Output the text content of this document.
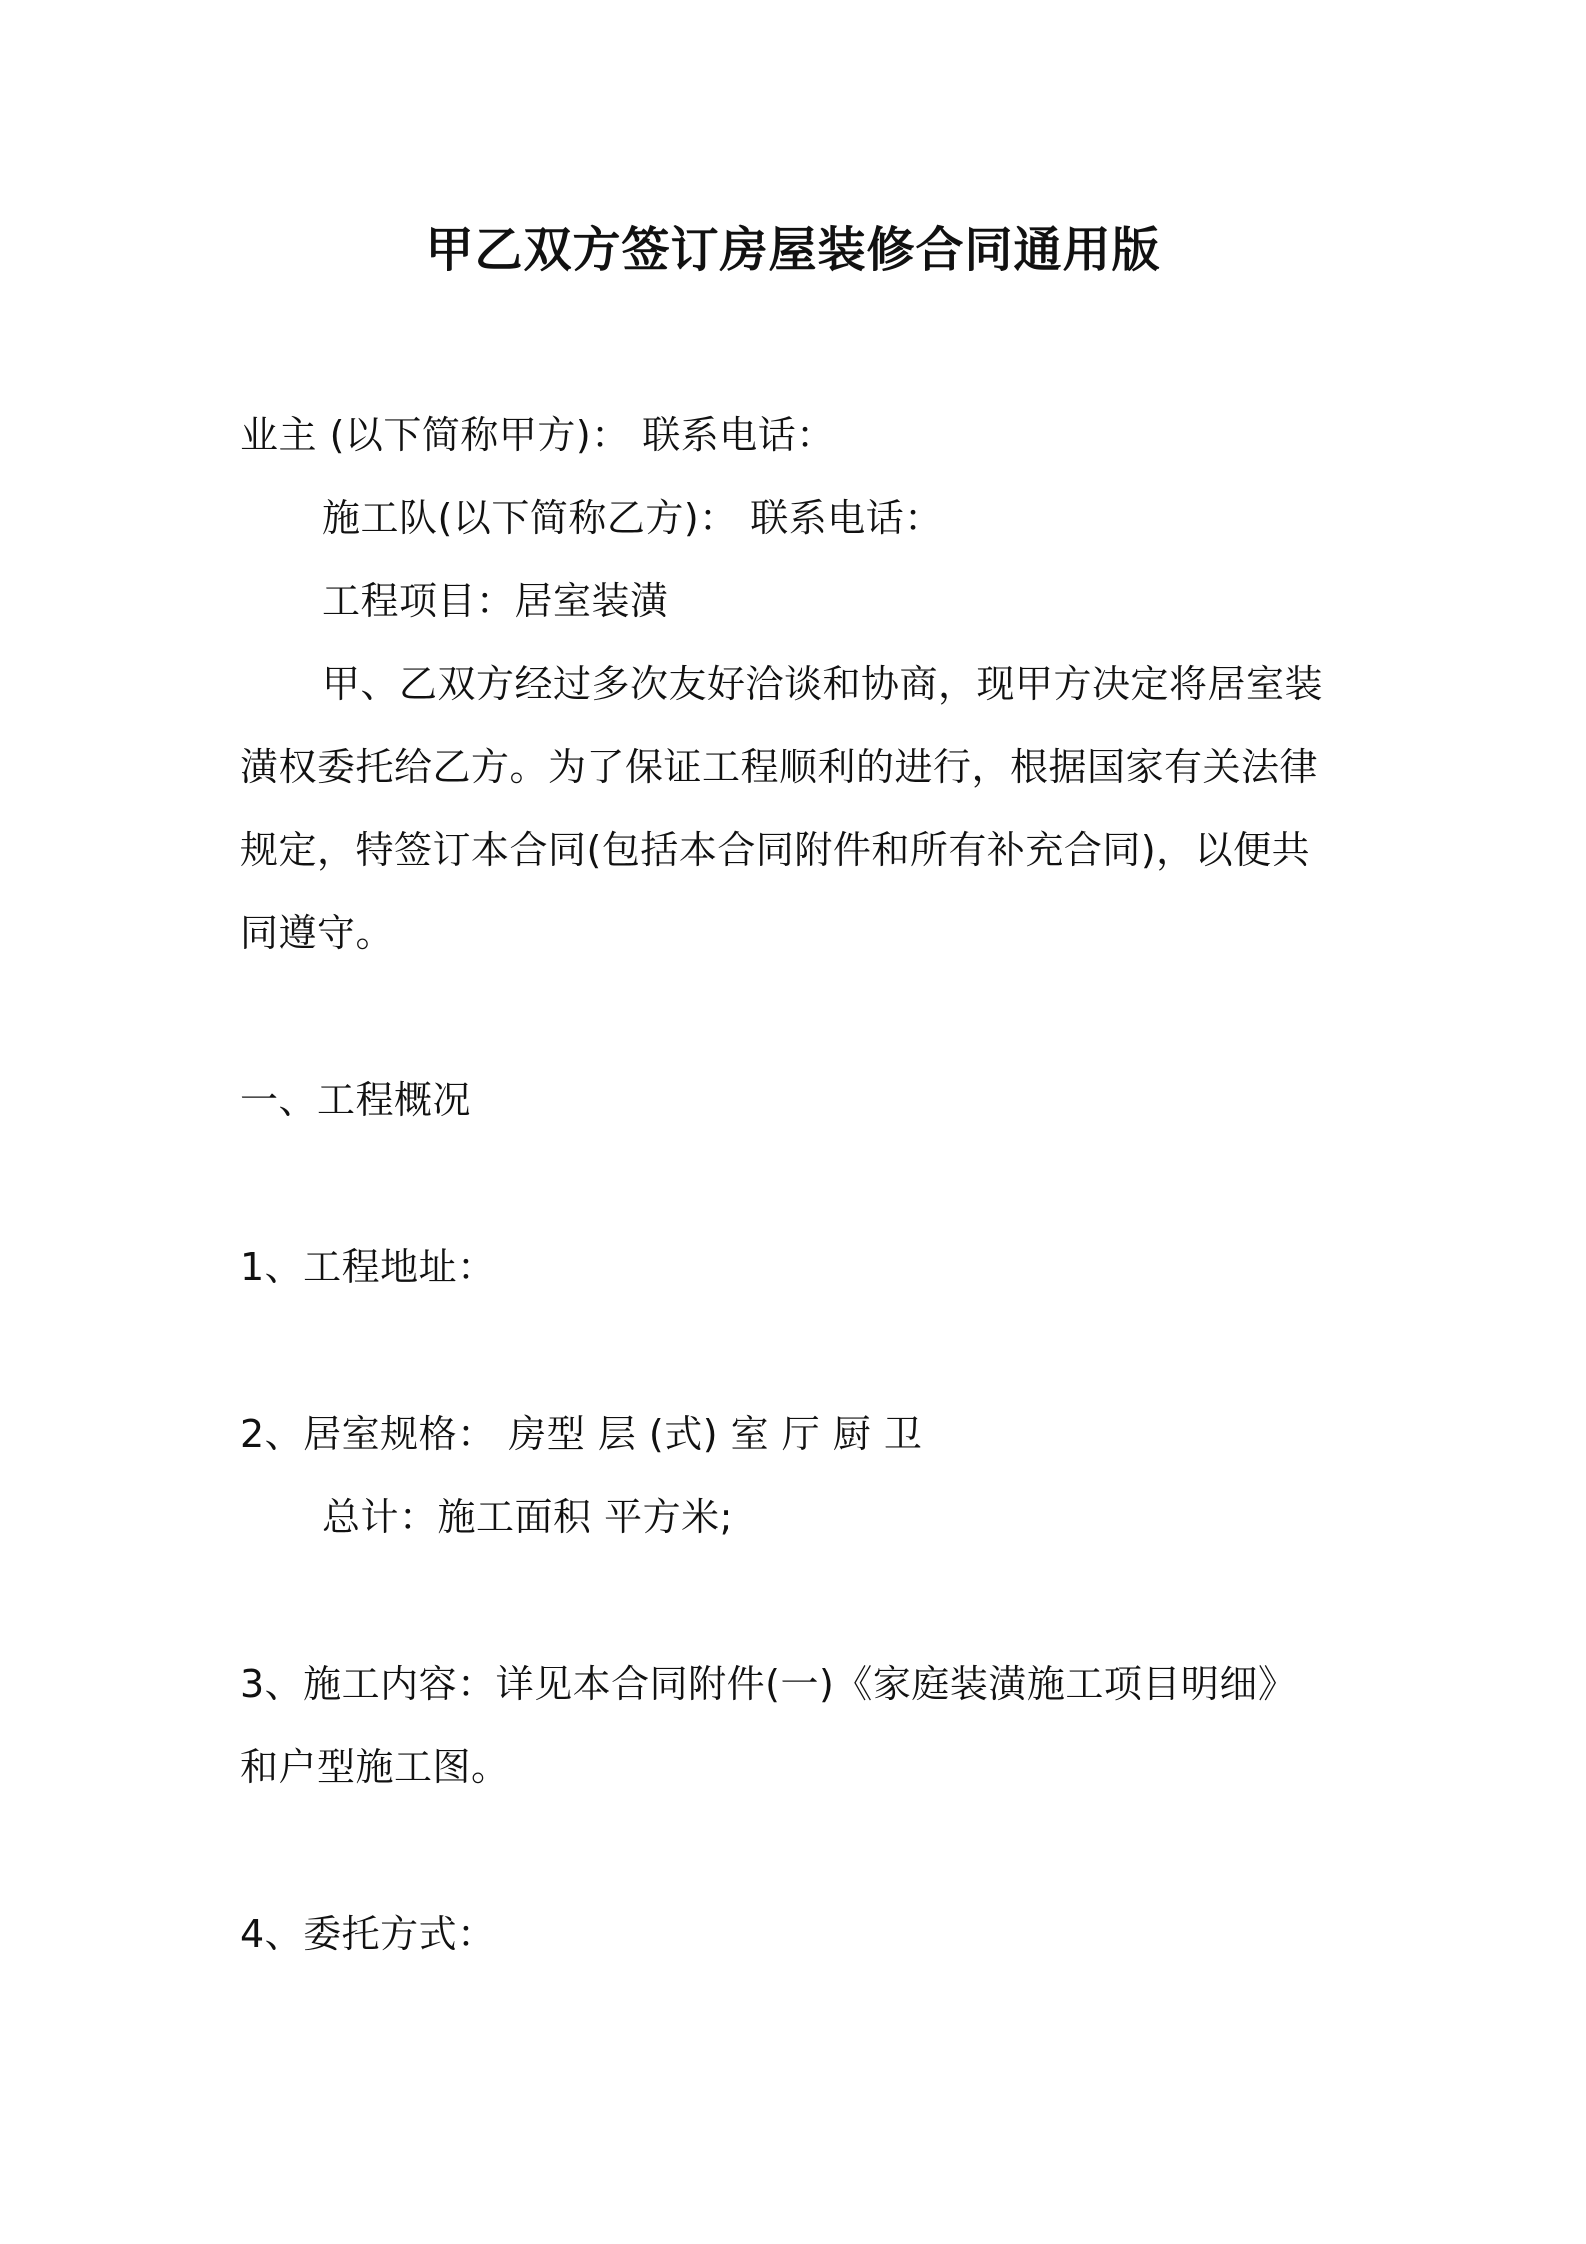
甲乙双方签订房屋装修合同通用版
业主 (以下简称甲方)： 联系电话：
施工队(以下简称乙方)： 联系电话：
工程项目：居室装潢
甲、乙双方经过多次友好洽谈和协商，现甲方决定将居室装
潢权委托给乙方。为了保证工程顺利的进行，根据国家有关法律
规定，特签订本合同(包括本合同附件和所有补充合同)，以便共
同遵守。
一、工程概况
1、工程地址：
2、居室规格： 房型 层 (式) 室 厅 厨 卫
总计：施工面积 平方米;
3、施工内容：详见本合同附件(一)《家庭装潢施工项目明细》
和户型施工图。
4、委托方式：
